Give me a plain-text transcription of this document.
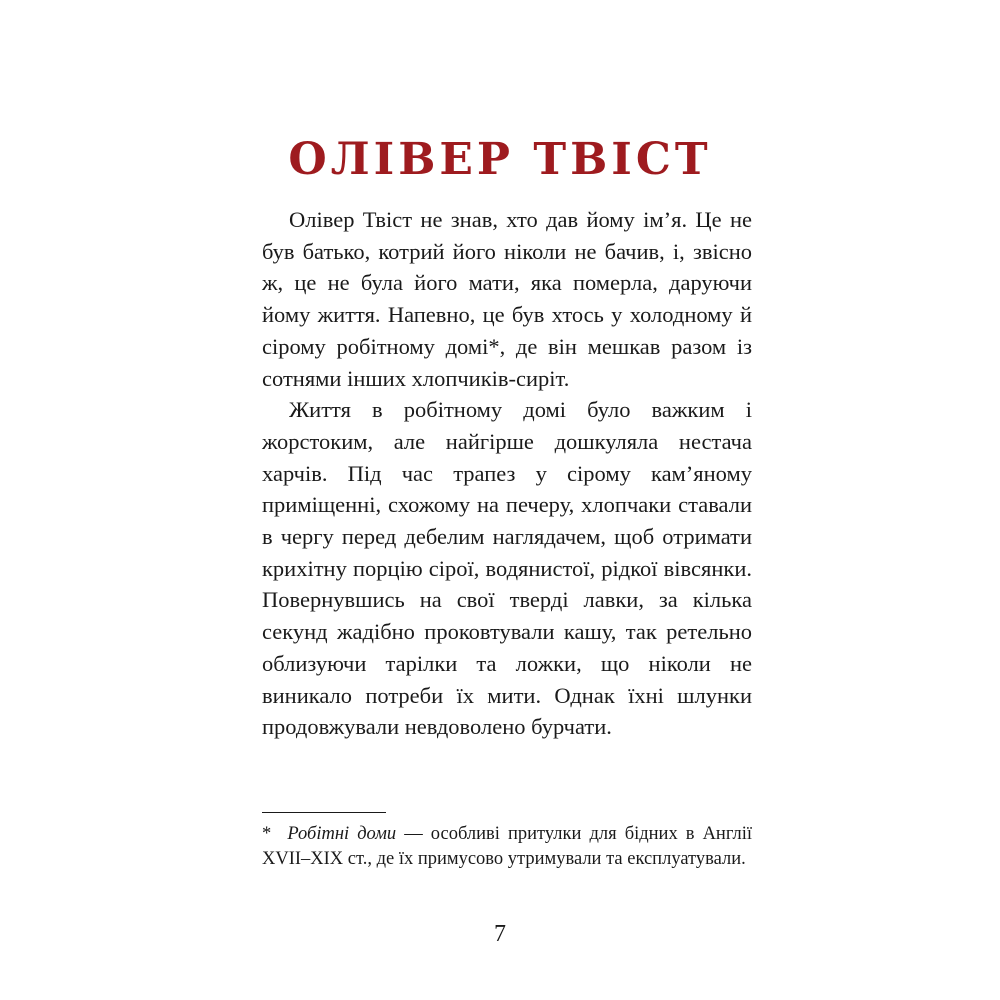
ОЛІВЕР ТВІСТ

Олівер Твіст не знав, хто дав йому ім’я. Це не був батько, котрий його ніколи не бачив, і, звісно ж, це не була його мати, яка померла, даруючи йому життя. Напевно, це був хтось у холодному й сірому робітному домі*, де він мешкав разом із сотнями інших хлопчиків-сиріт.

Життя в робітному домі було важким і жорстоким, але найгірше дошкуляла нестача харчів. Під час трапез у сірому кам’яному приміщенні, схожому на печеру, хлопчаки ставали в чергу перед дебелим наглядачем, щоб отримати крихітну порцію сірої, водянистої, рідкої вівсянки. Повернувшись на свої тверді лавки, за кілька секунд жадібно проковтували кашу, так ретельно облизуючи тарілки та ложки, що ніколи не виникало потреби їх мити. Однак їхні шлунки продовжували невдоволено бурчати.

* Робітні доми — особливі притулки для бідних в Англії XVII–XIX ст., де їх примусово утримували та експлуатували.
7
